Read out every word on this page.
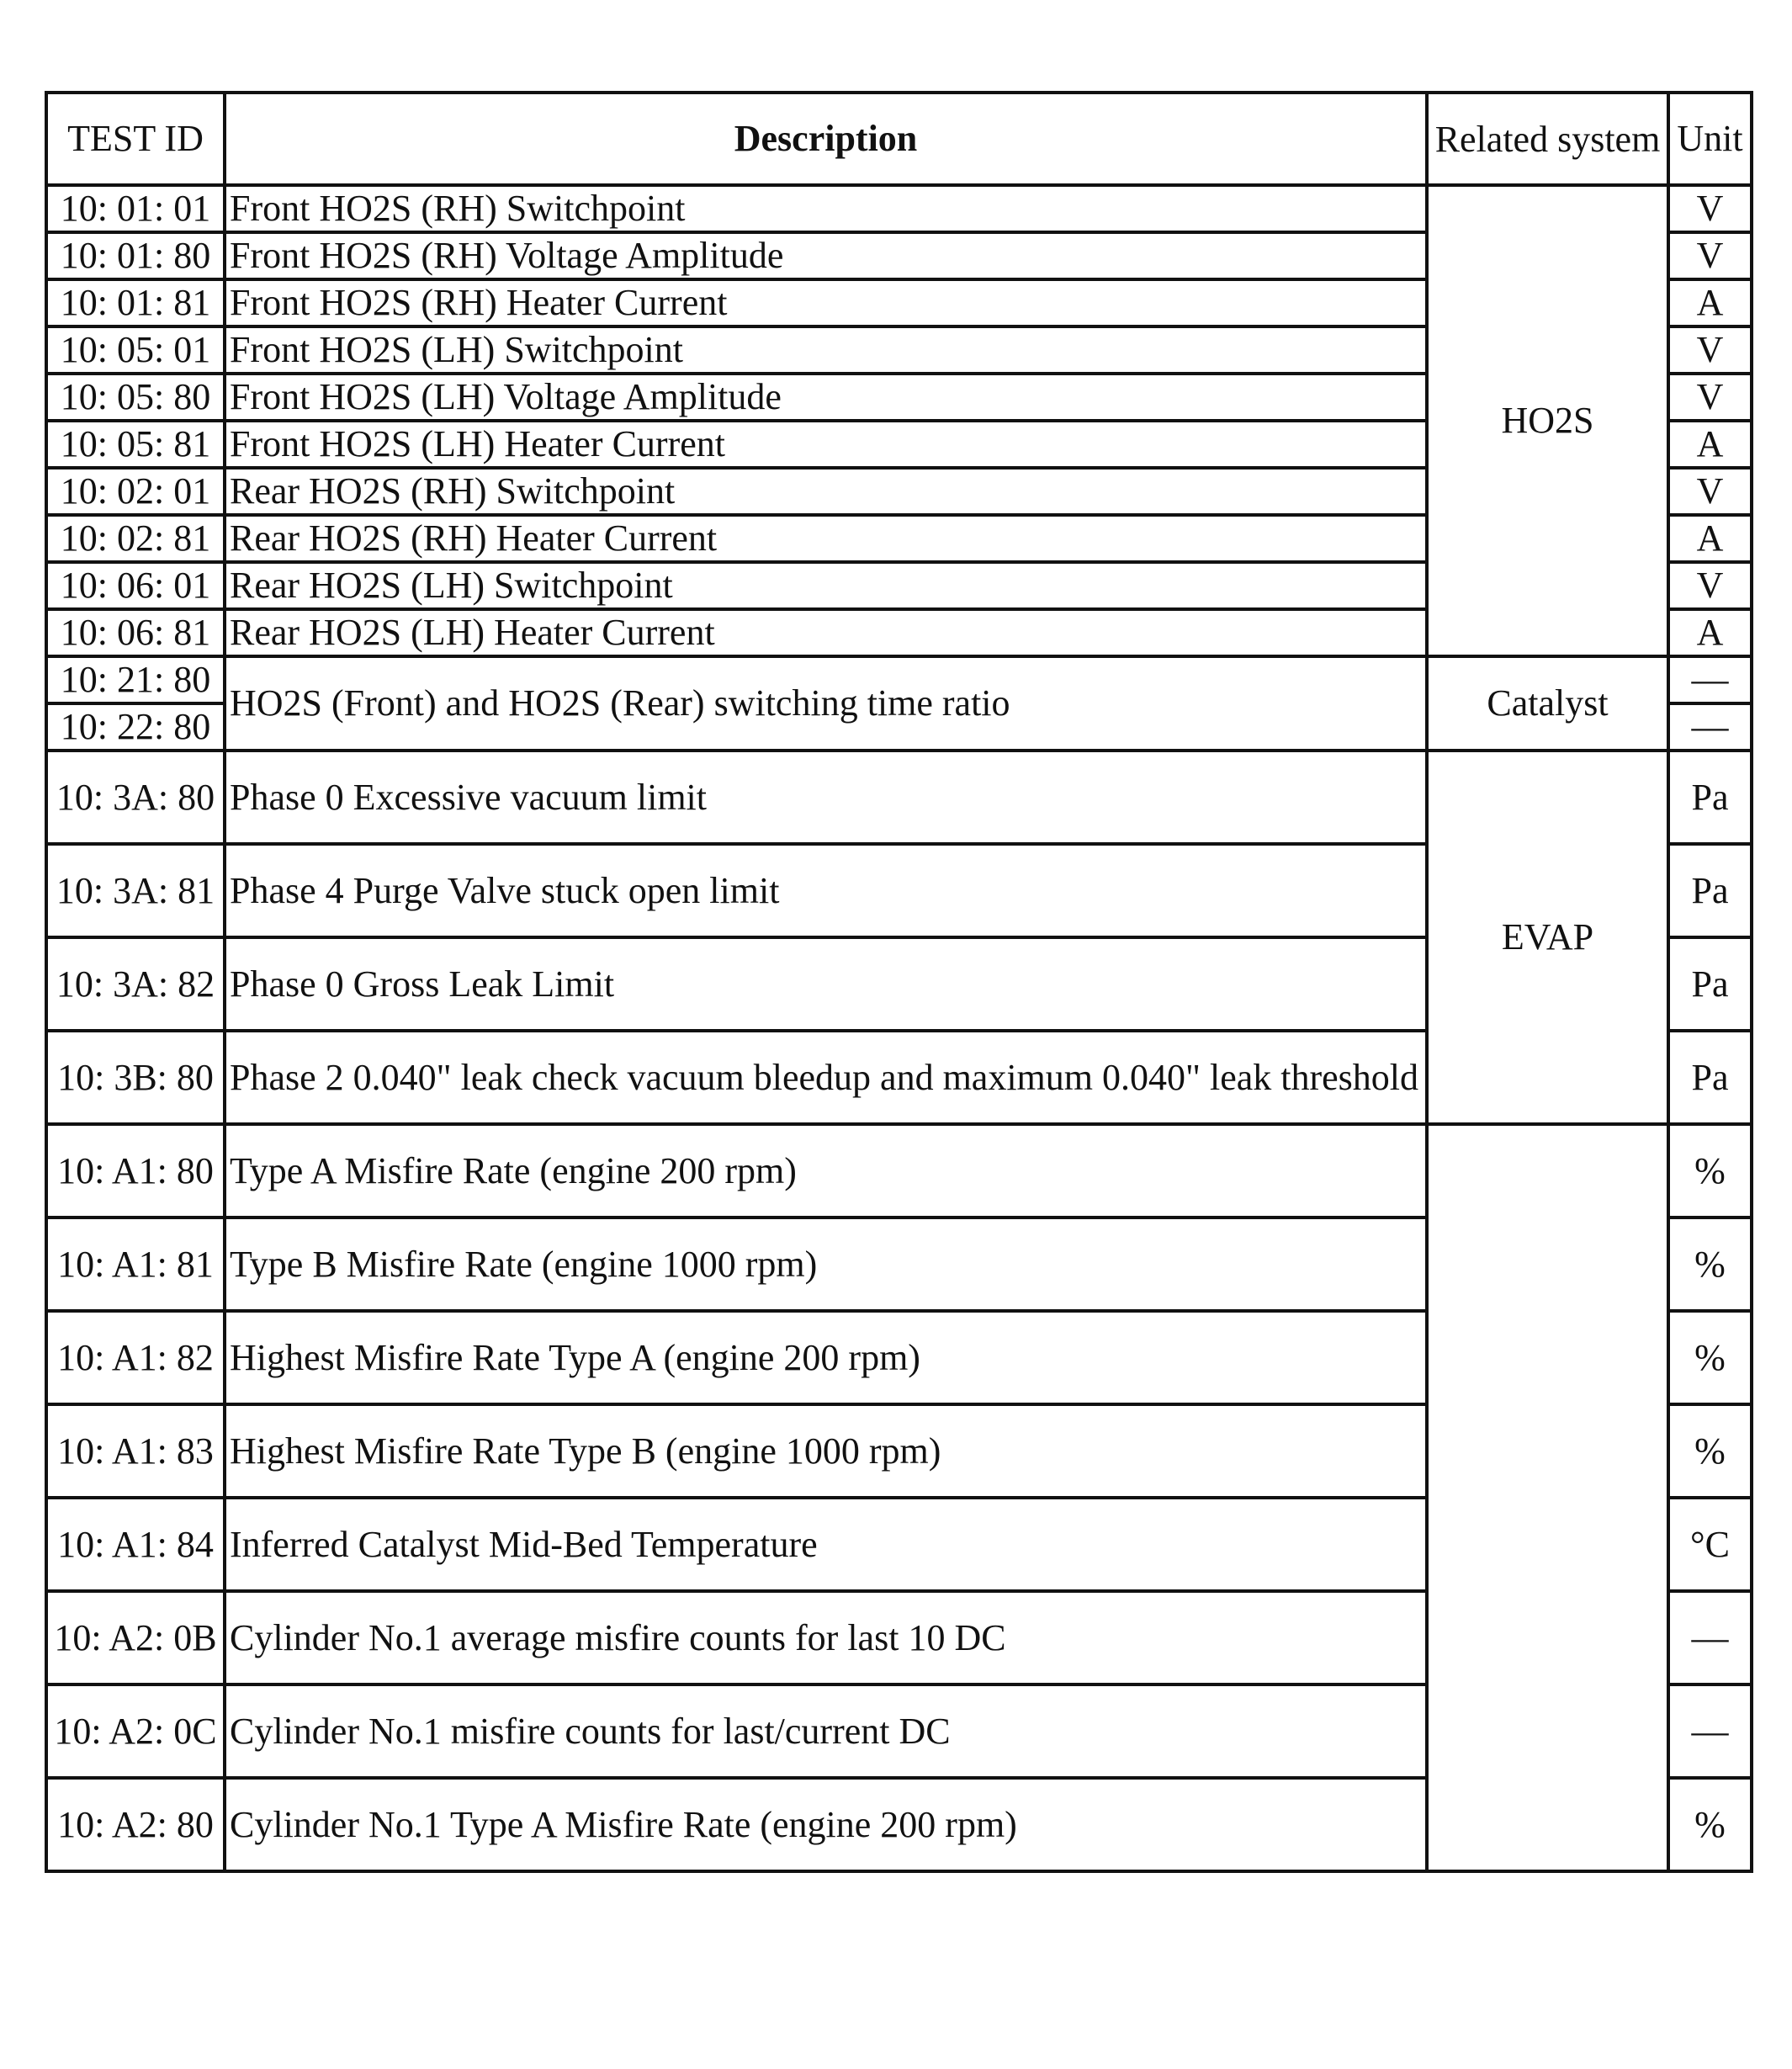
TEST ID	Description	Related system	Unit
10: 01: 01	Front HO2S (RH) Switchpoint	HO2S	V
10: 01: 80	Front HO2S (RH) Voltage Amplitude		V
10: 01: 81	Front HO2S (RH) Heater Current		A
10: 05: 01	Front HO2S (LH) Switchpoint		V
10: 05: 80	Front HO2S (LH) Voltage Amplitude		V
10: 05: 81	Front HO2S (LH) Heater Current		A
10: 02: 01	Rear HO2S (RH) Switchpoint		V
10: 02: 81	Rear HO2S (RH) Heater Current		A
10: 06: 01	Rear HO2S (LH) Switchpoint		V
10: 06: 81	Rear HO2S (LH) Heater Current		A
10: 21: 80	HO2S (Front) and HO2S (Rear) switching time ratio	Catalyst	—
10: 22: 80			—
10: 3A: 80	Phase 0 Excessive vacuum limit	EVAP	Pa
10: 3A: 81	Phase 4 Purge Valve stuck open limit		Pa
10: 3A: 82	Phase 0 Gross Leak Limit		Pa
10: 3B: 80	Phase 2 0.040" leak check vacuum bleedup and maximum 0.040" leak threshold		Pa
10: A1: 80	Type A Misfire Rate (engine 200 rpm)		%
10: A1: 81	Type B Misfire Rate (engine 1000 rpm)		%
10: A1: 82	Highest Misfire Rate Type A (engine 200 rpm)		%
10: A1: 83	Highest Misfire Rate Type B (engine 1000 rpm)		%
10: A1: 84	Inferred Catalyst Mid-Bed Temperature		°C
10: A2: 0B	Cylinder No.1 average misfire counts for last 10 DC		—
10: A2: 0C	Cylinder No.1 misfire counts for last/current DC		—
10: A2: 80	Cylinder No.1 Type A Misfire Rate (engine 200 rpm)		%
